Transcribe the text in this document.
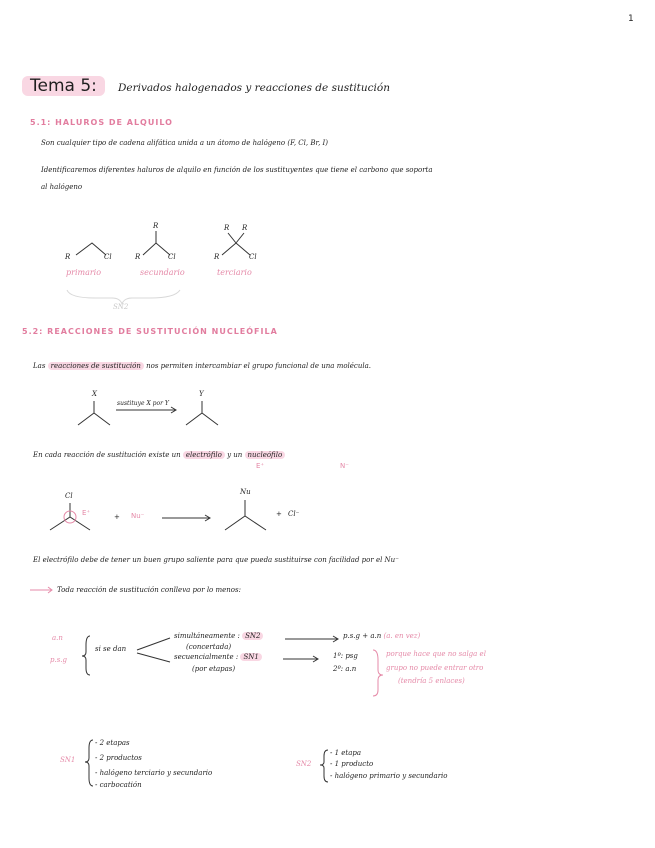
1
Tema 5: Derivados halogenados y reacciones de sustitución
5.1: HALUROS DE ALQUILO
Son cualquier tipo de cadena alifática unida a un átomo de halógeno (F, Cl, Br, I)
Identificaremos diferentes haluros de alquilo en función de los sustituyentes que tiene el carbono que soporta
al halógeno
R	Cl	R	Cl
R
R	Cl
R R
primario	secundario	terciario
SN2
5.2: REACCIONES DE SUSTITUCIÓN NUCLEÓFILA
Las reacciones de sustitución nos permiten intercambiar el grupo funcional de una molécula.
X	Y
sustituye X por Y
En cada reacción de sustitución existe un electrófilo y un nucleófilo
E⁺	N⁻
Cl
E⁺	+ Nu⁻
Nu
+ Cl⁻
El electrófilo debe de tener un buen grupo saliente para que pueda sustituirse con facilidad por el Nu⁻
Toda reacción de sustitución conlleva por lo menos:
a.n
p.s.g
si se dan
simultáneamente : SN2
(concertada)
secuencialmente : SN1
(por etapas)
p.s.g + a.n (a. en vez)
1º: psg
2º: a.n
porque hace que no salga el
grupo no puede entrar otro
(tendría 5 enlaces)
SN1
- 2 etapas
- 2 productos
- halógeno terciario y secundario
- carbocatión
SN2
- 1 etapa
- 1 producto
- halógeno primario y secundario
